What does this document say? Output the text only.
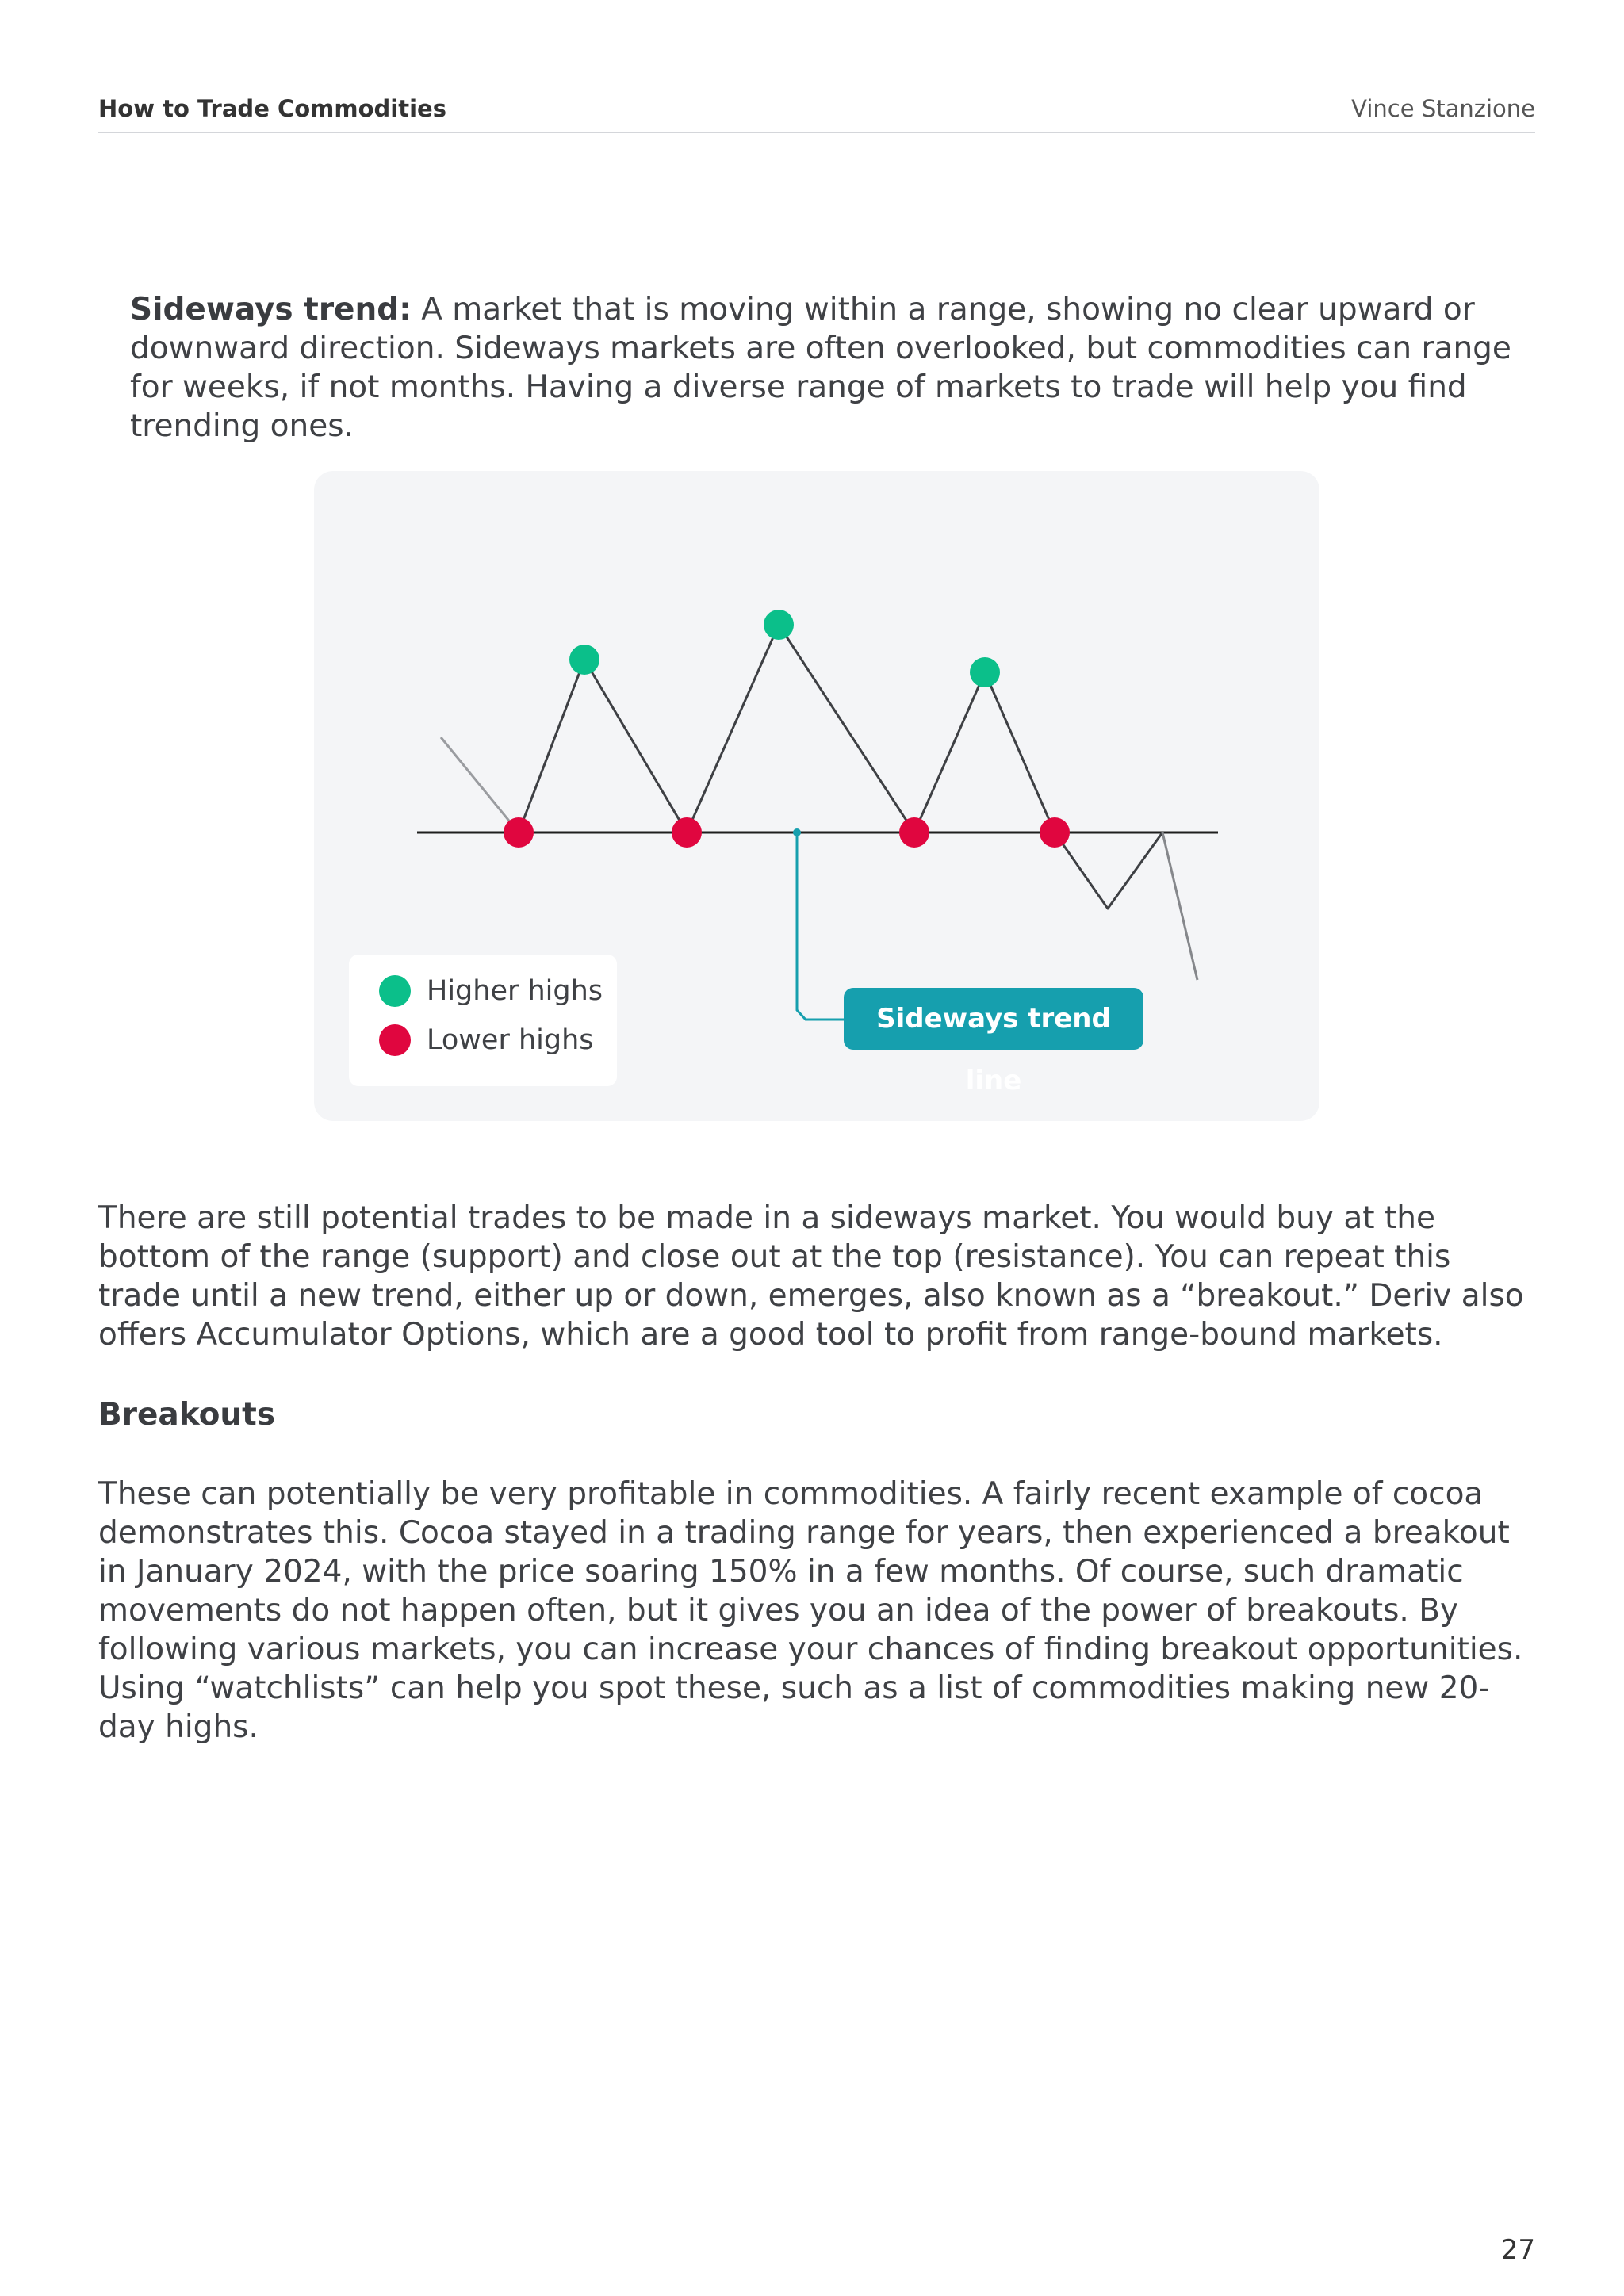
How to Trade Commodities	Vince Stanzione

Sideways trend: A market that is moving within a range, showing no clear upward or downward direction. Sideways markets are often overlooked, but commodities can range for weeks, if not months. Having a diverse range of markets to trade will help you find trending ones.

Higher highs
Lower highs
Sideways trend line

There are still potential trades to be made in a sideways market. You would buy at the bottom of the range (support) and close out at the top (resistance). You can repeat this trade until a new trend, either up or down, emerges, also known as a “breakout.” Deriv also offers Accumulator Options, which are a good tool to profit from range-bound markets.

Breakouts

These can potentially be very profitable in commodities. A fairly recent example of cocoa demonstrates this. Cocoa stayed in a trading range for years, then experienced a breakout in January 2024, with the price soaring 150% in a few months. Of course, such dramatic movements do not happen often, but it gives you an idea of the power of breakouts. By following various markets, you can increase your chances of finding breakout opportunities. Using “watchlists” can help you spot these, such as a list of commodities making new 20-day highs.

27
